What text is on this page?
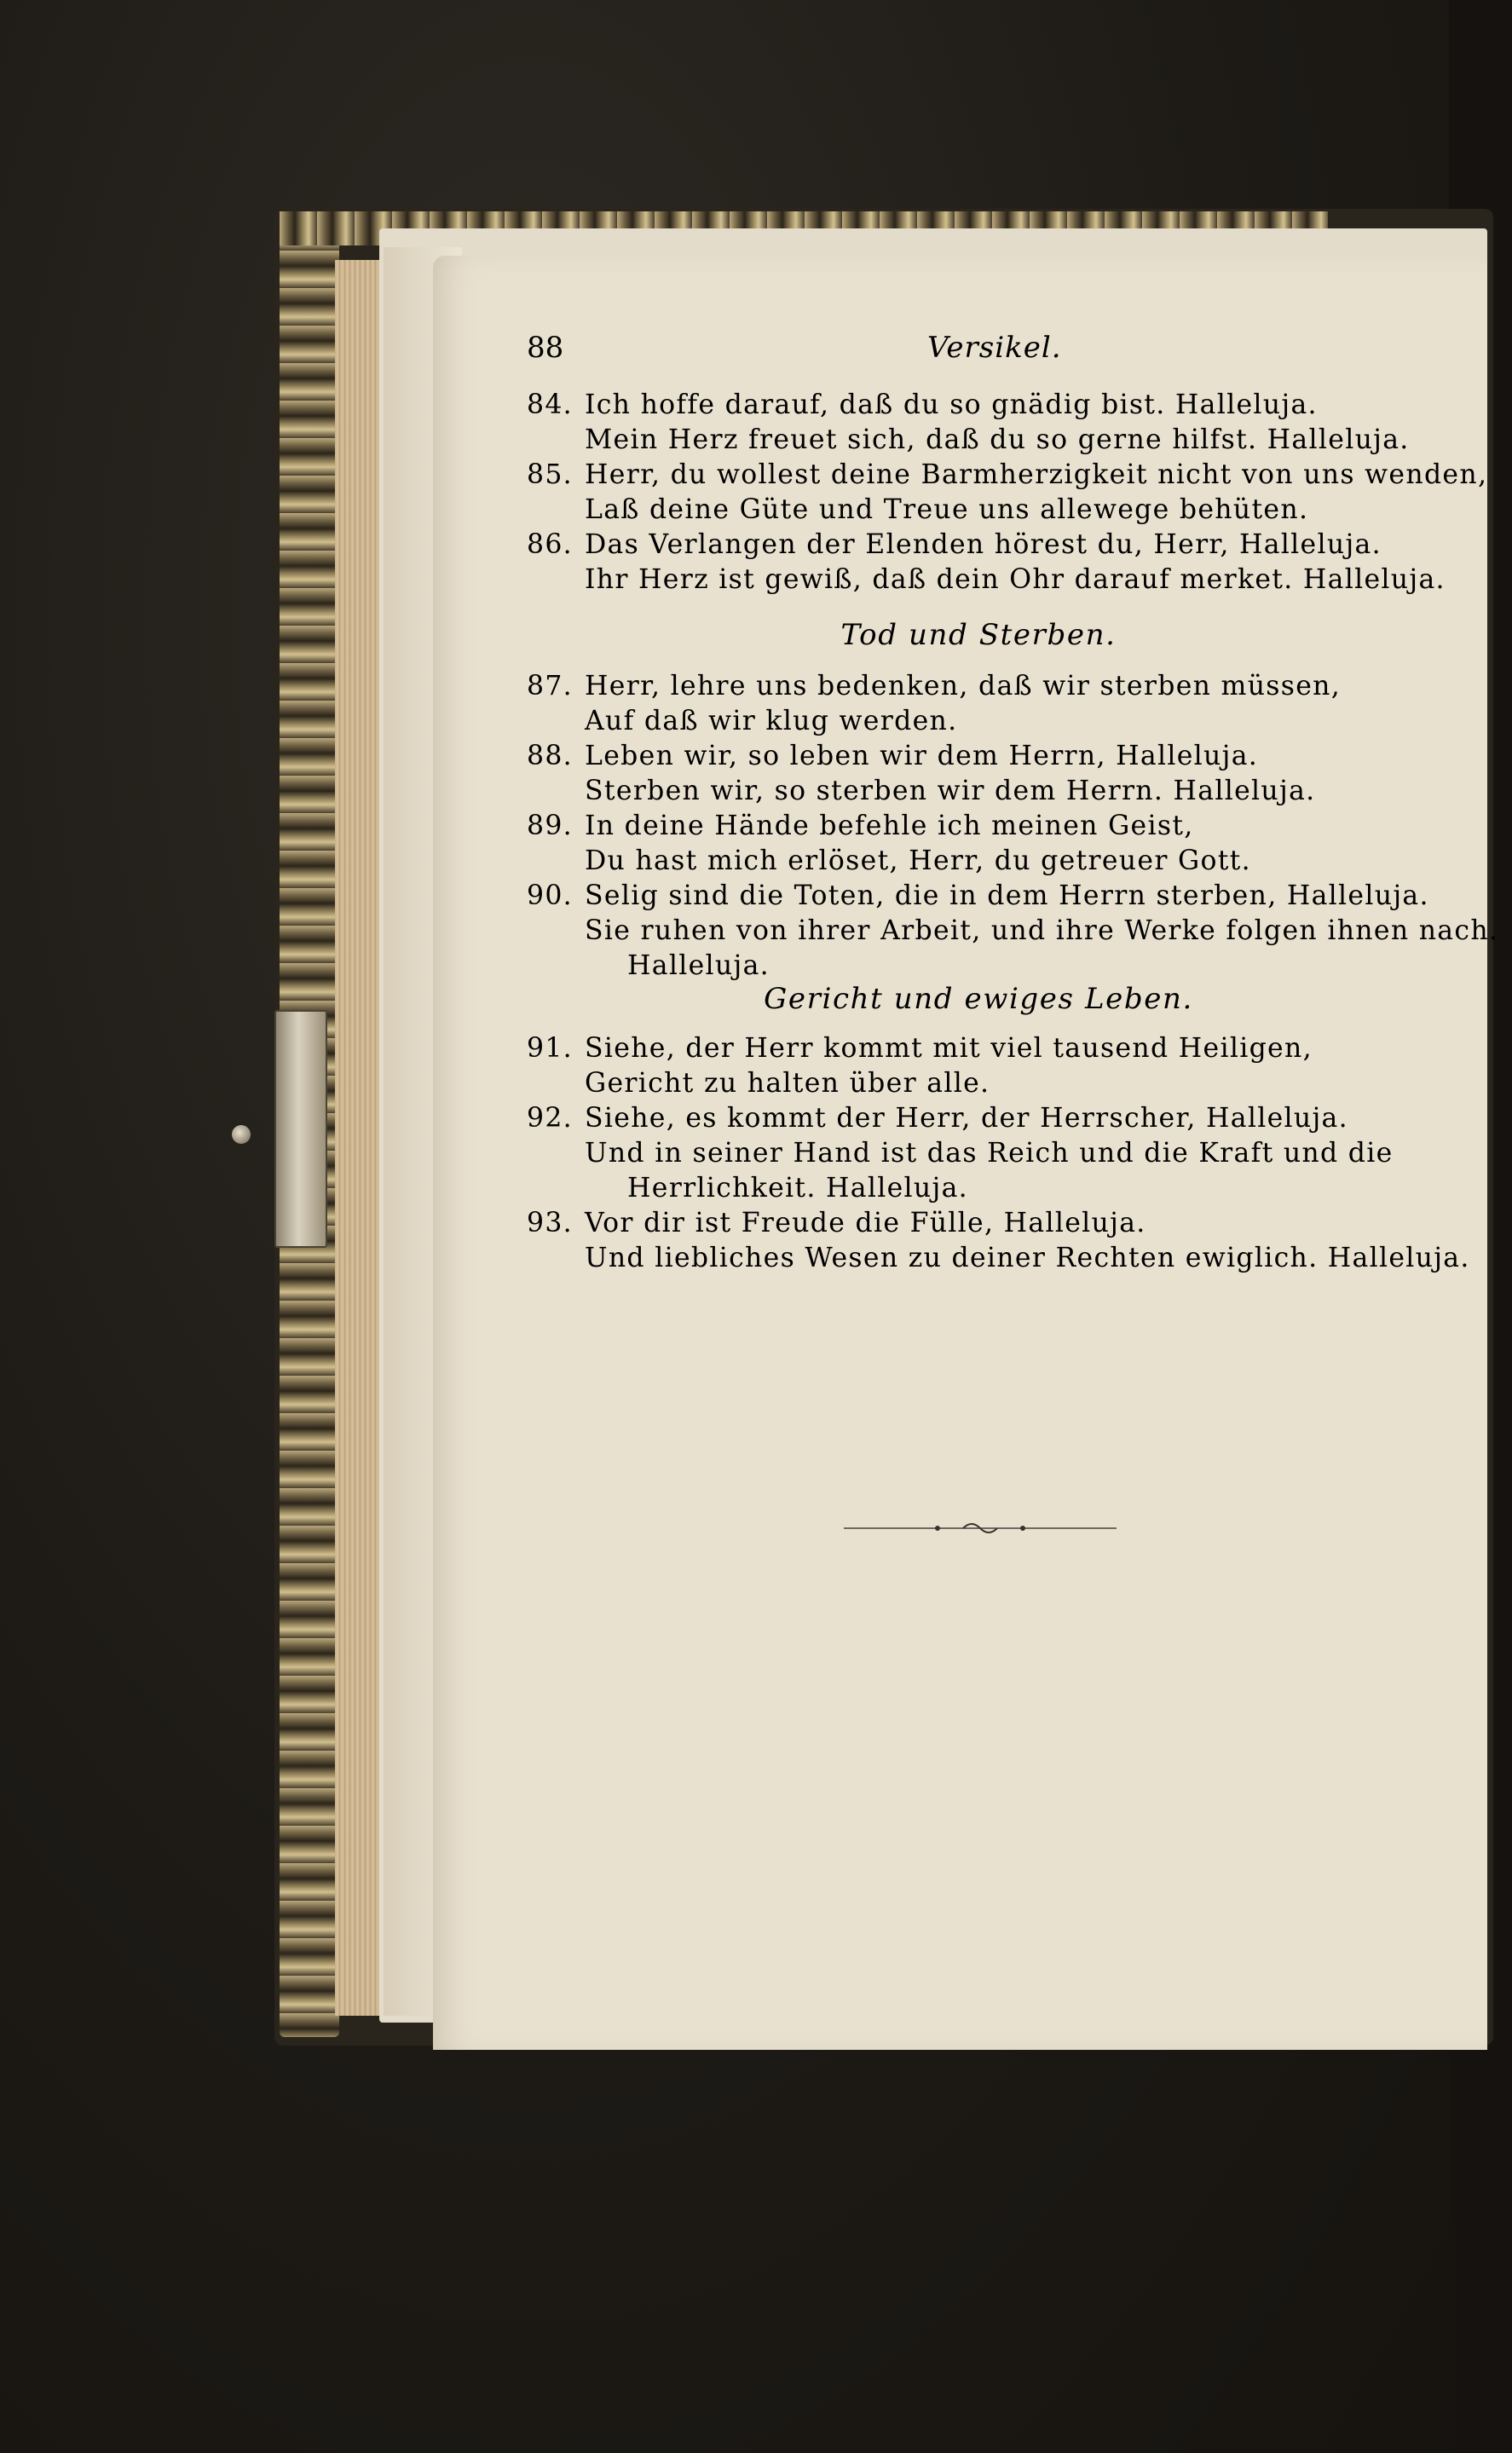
88	Versikel.
84. Ich hoffe darauf, daß du so gnädig bist. Halleluja.
Mein Herz freuet sich, daß du so gerne hilfst. Halleluja.
85. Herr, du wollest deine Barmherzigkeit nicht von uns wenden,
Laß deine Güte und Treue uns allewege behüten.
86. Das Verlangen der Elenden hörest du, Herr, Halleluja.
Ihr Herz ist gewiß, daß dein Ohr darauf merket. Halleluja.
Tod und Sterben.
87. Herr, lehre uns bedenken, daß wir sterben müssen,
Auf daß wir klug werden.
88. Leben wir, so leben wir dem Herrn, Halleluja.
Sterben wir, so sterben wir dem Herrn. Halleluja.
89. In deine Hände befehle ich meinen Geist,
Du hast mich erlöset, Herr, du getreuer Gott.
90. Selig sind die Toten, die in dem Herrn sterben, Halleluja.
Sie ruhen von ihrer Arbeit, und ihre Werke folgen ihnen nach.
Halleluja.
Gericht und ewiges Leben.
91. Siehe, der Herr kommt mit viel tausend Heiligen,
Gericht zu halten über alle.
92. Siehe, es kommt der Herr, der Herrscher, Halleluja.
Und in seiner Hand ist das Reich und die Kraft und die
Herrlichkeit. Halleluja.
93. Vor dir ist Freude die Fülle, Halleluja.
Und liebliches Wesen zu deiner Rechten ewiglich. Halleluja.
